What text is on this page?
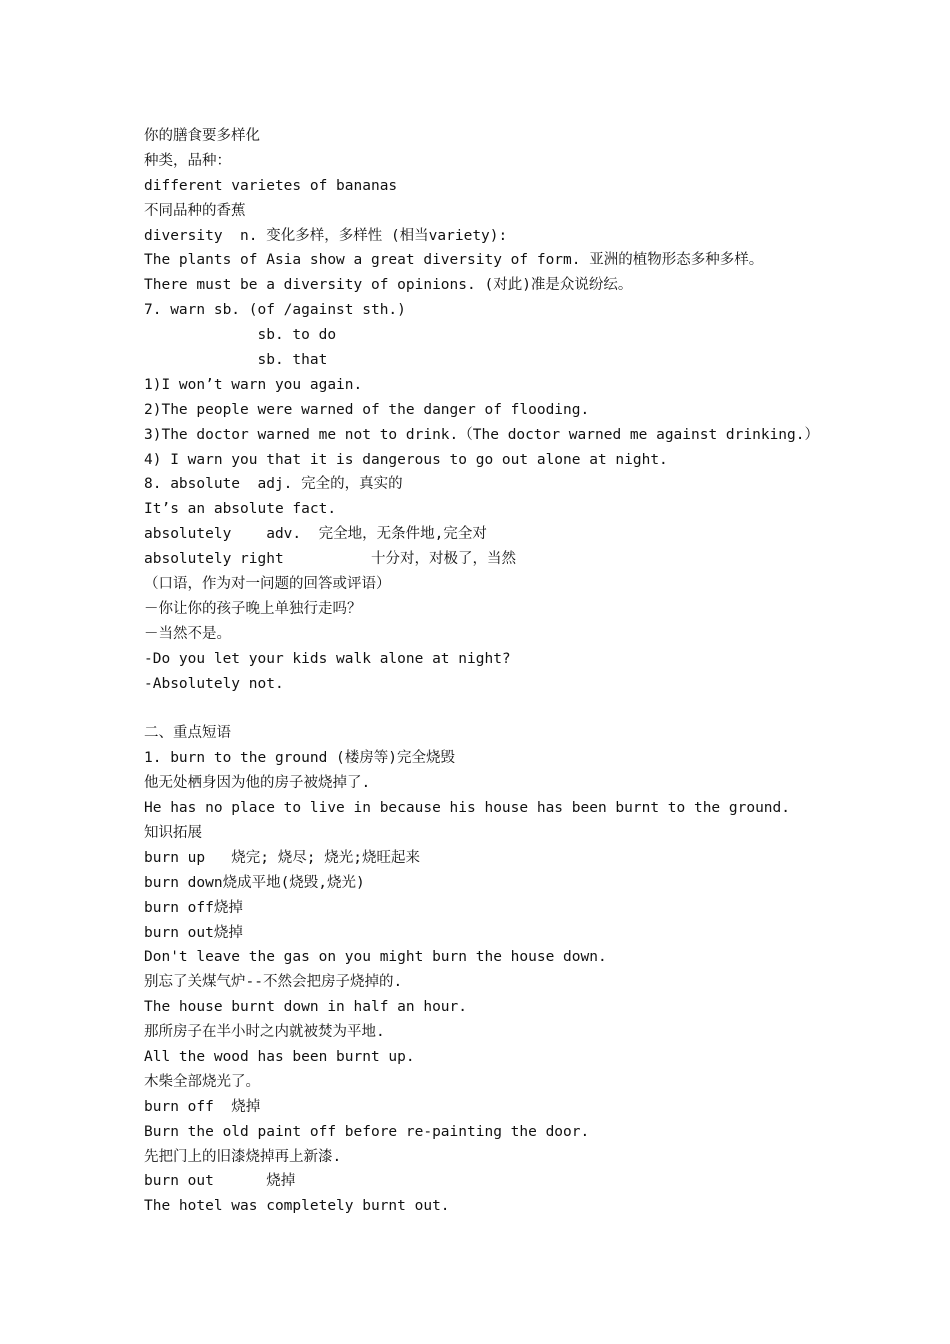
你的膳食要多样化
种类，品种：
different varietes of bananas
不同品种的香蕉
diversity  n. 变化多样，多样性 (相当variety):
The plants of Asia show a great diversity of form. 亚洲的植物形态多种多样。
There must be a diversity of opinions. (对此)准是众说纷纭。
7. warn sb. (of /against sth.)
sb. to do
sb. that
1)I won’t warn you again.
2)The people were warned of the danger of flooding.
3)The doctor warned me not to drink.（The doctor warned me against drinking.）
4) I warn you that it is dangerous to go out alone at night.
8. absolute  adj. 完全的，真实的
It’s an absolute fact.
absolutely    adv.  完全地，无条件地,完全对
absolutely right          十分对，对极了，当然
（口语，作为对一问题的回答或评语）
－你让你的孩子晚上单独行走吗？
－当然不是。
-Do you let your kids walk alone at night?
-Absolutely not.
二、重点短语
1. burn to the ground (楼房等)完全烧毁
他无处栖身因为他的房子被烧掉了.
He has no place to live in because his house has been burnt to the ground.
知识拓展
burn up   烧完; 烧尽; 烧光;烧旺起来
burn down烧成平地(烧毁,烧光)
burn off烧掉
burn out烧掉
Don't leave the gas on you might burn the house down.
别忘了关煤气炉--不然会把房子烧掉的.
The house burnt down in half an hour.
那所房子在半小时之内就被焚为平地.
All the wood has been burnt up.
木柴全部烧光了。
burn off  烧掉
Burn the old paint off before re-painting the door.
先把门上的旧漆烧掉再上新漆.
burn out      烧掉
The hotel was completely burnt out.
